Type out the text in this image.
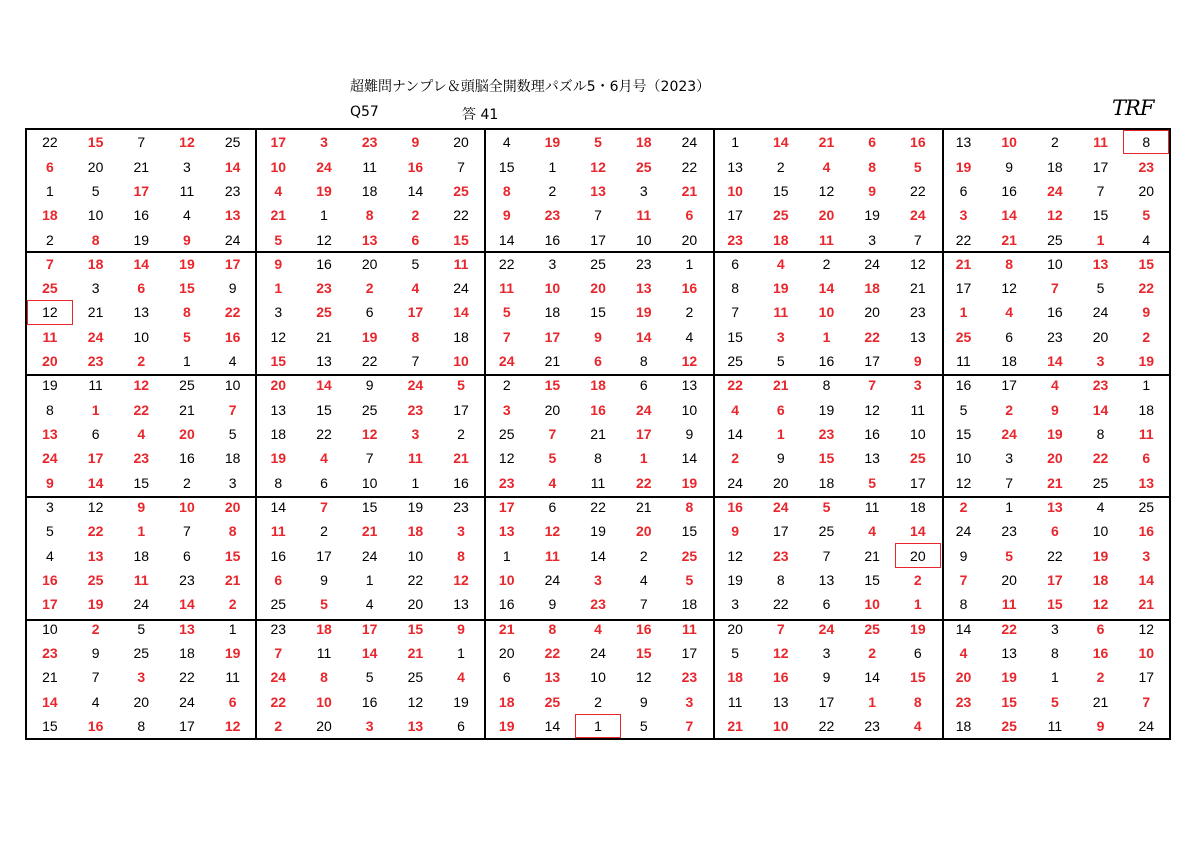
超難問ナンプレ＆頭脳全開数理パズル5・6月号（2023）
Q57	答 41	TRF
22	15	7	12	25	17	3	23	9	20	4	19	5	18	24	1	14	21	6	16	13	10	2	11	8
6	20	21	3	14	10	24	11	16	7	15	1	12	25	22	13	2	4	8	5	19	9	18	17	23
1	5	17	11	23	4	19	18	14	25	8	2	13	3	21	10	15	12	9	22	6	16	24	7	20
18	10	16	4	13	21	1	8	2	22	9	23	7	11	6	17	25	20	19	24	3	14	12	15	5
2	8	19	9	24	5	12	13	6	15	14	16	17	10	20	23	18	11	3	7	22	21	25	1	4
7	18	14	19	17	9	16	20	5	11	22	3	25	23	1	6	4	2	24	12	21	8	10	13	15
25	3	6	15	9	1	23	2	4	24	11	10	20	13	16	8	19	14	18	21	17	12	7	5	22
12	21	13	8	22	3	25	6	17	14	5	18	15	19	2	7	11	10	20	23	1	4	16	24	9
11	24	10	5	16	12	21	19	8	18	7	17	9	14	4	15	3	1	22	13	25	6	23	20	2
20	23	2	1	4	15	13	22	7	10	24	21	6	8	12	25	5	16	17	9	11	18	14	3	19
19	11	12	25	10	20	14	9	24	5	2	15	18	6	13	22	21	8	7	3	16	17	4	23	1
8	1	22	21	7	13	15	25	23	17	3	20	16	24	10	4	6	19	12	11	5	2	9	14	18
13	6	4	20	5	18	22	12	3	2	25	7	21	17	9	14	1	23	16	10	15	24	19	8	11
24	17	23	16	18	19	4	7	11	21	12	5	8	1	14	2	9	15	13	25	10	3	20	22	6
9	14	15	2	3	8	6	10	1	16	23	4	11	22	19	24	20	18	5	17	12	7	21	25	13
3	12	9	10	20	14	7	15	19	23	17	6	22	21	8	16	24	5	11	18	2	1	13	4	25
5	22	1	7	8	11	2	21	18	3	13	12	19	20	15	9	17	25	4	14	24	23	6	10	16
4	13	18	6	15	16	17	24	10	8	1	11	14	2	25	12	23	7	21	20	9	5	22	19	3
16	25	11	23	21	6	9	1	22	12	10	24	3	4	5	19	8	13	15	2	7	20	17	18	14
17	19	24	14	2	25	5	4	20	13	16	9	23	7	18	3	22	6	10	1	8	11	15	12	21
10	2	5	13	1	23	18	17	15	9	21	8	4	16	11	20	7	24	25	19	14	22	3	6	12
23	9	25	18	19	7	11	14	21	1	20	22	24	15	17	5	12	3	2	6	4	13	8	16	10
21	7	3	22	11	24	8	5	25	4	6	13	10	12	23	18	16	9	14	15	20	19	1	2	17
14	4	20	24	6	22	10	16	12	19	18	25	2	9	3	11	13	17	1	8	23	15	5	21	7
15	16	8	17	12	2	20	3	13	6	19	14	1	5	7	21	10	22	23	4	18	25	11	9	24
